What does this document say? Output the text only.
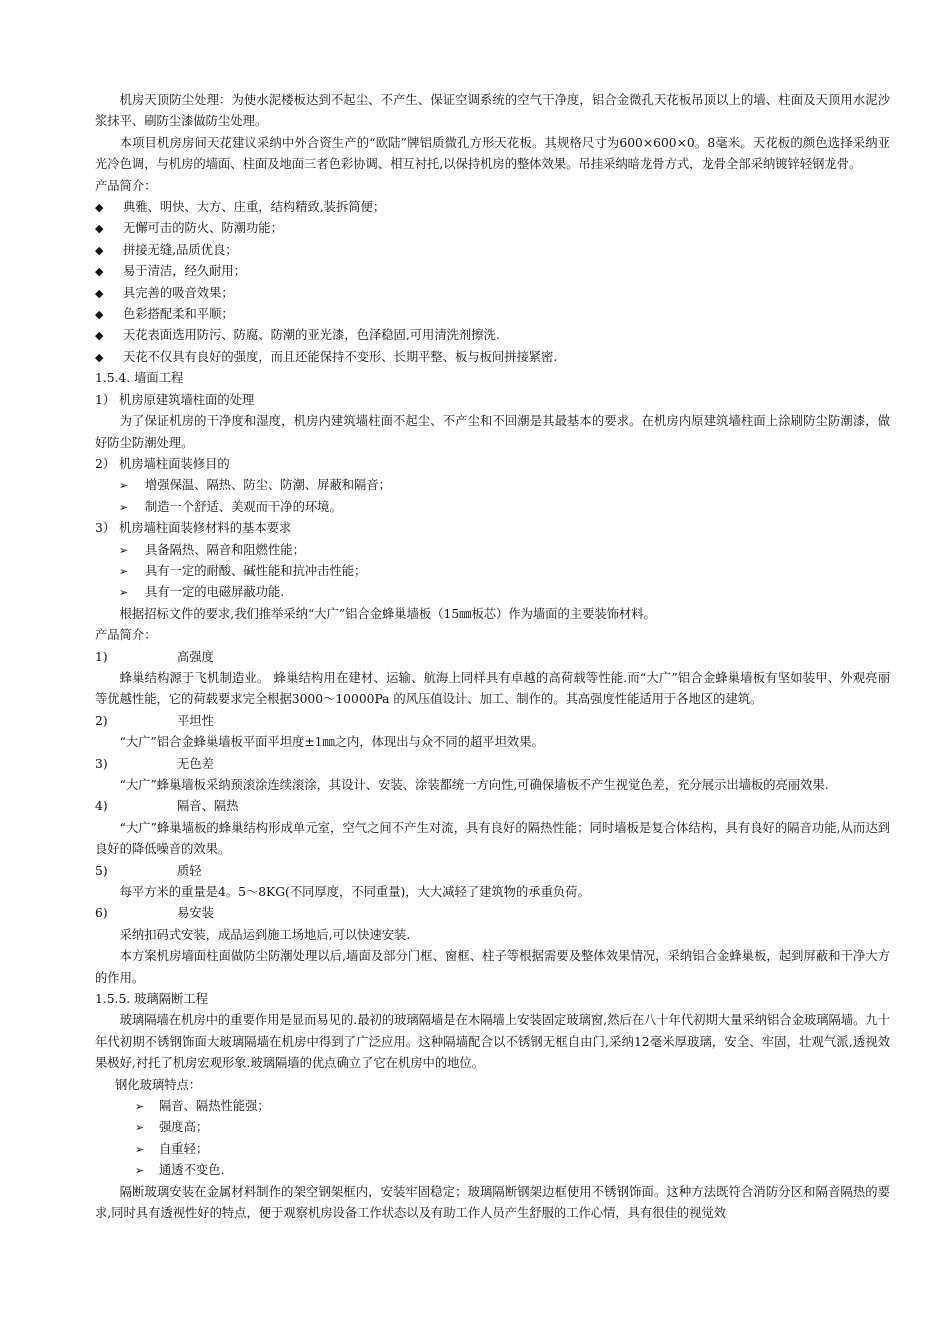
机房天顶防尘处理：为使水泥楼板达到不起尘、不产生、保证空调系统的空气干净度，铝合金微孔天花板吊顶以上的墙、柱面及天顶用水泥沙浆抹平、刷防尘漆做防尘处理。

本项目机房房间天花建议采纳中外合资生产的“欧陆”牌铝质微孔方形天花板。其规格尺寸为600×600×0。8毫米。天花板的颜色选择采纳亚光冷色调，与机房的墙面、柱面及地面三者色彩协调、相互衬托,以保持机房的整体效果。吊挂采纳暗龙骨方式，龙骨全部采纳镀锌轻钢龙骨。

产品简介：

◆ 典雅、明快、大方、庄重，结构精致,装拆简便；

◆ 无懈可击的防火、防潮功能；

◆ 拼接无缝,品质优良；

◆ 易于清洁，经久耐用；

◆ 具完善的吸音效果；

◆ 色彩搭配柔和平顺；

◆ 天花表面选用防污、防腐、防潮的亚光漆，色泽稳固,可用清洗剂擦洗.

◆ 天花不仅具有良好的强度，而且还能保持不变形、长期平整、板与板间拼接紧密.

1.5.4. 墙面工程

1） 机房原建筑墙柱面的处理

为了保证机房的干净度和湿度，机房内建筑墙柱面不起尘、不产尘和不回潮是其最基本的要求。在机房内原建筑墙柱面上涂刷防尘防潮漆，做好防尘防潮处理。

2） 机房墙柱面装修目的

➢ 增强保温、隔热、防尘、防潮、屏蔽和隔音；

➢ 制造一个舒适、美观而干净的环境。

3） 机房墙柱面装修材料的基本要求

➢ 具备隔热、隔音和阻燃性能；

➢ 具有一定的耐酸、碱性能和抗冲击性能；

➢ 具有一定的电磁屏蔽功能.

根据招标文件的要求,我们推举采纳“大广”铝合金蜂巢墙板（15㎜板芯）作为墙面的主要装饰材料。

产品简介：

1)	高强度

蜂巢结构源于飞机制造业。 蜂巢结构用在建材、运输、航海上同样具有卓越的高荷载等性能.而“大广”铝合金蜂巢墙板有坚如装甲、外观亮丽等优越性能，它的荷载要求完全根据3000～10000Pa 的风压值设计、加工、制作的。其高强度性能适用于各地区的建筑。

2)	平坦性

“大广”铝合金蜂巢墙板平面平坦度±1㎜之内，体现出与众不同的超平坦效果。

3)	无色差

“大广”蜂巢墙板采纳预滚涂连续滚涂，其设计、安装、涂装都统一方向性,可确保墙板不产生视觉色差，充分展示出墙板的亮丽效果.

4)	隔音、隔热

“大广”蜂巢墙板的蜂巢结构形成单元室，空气之间不产生对流，具有良好的隔热性能；同时墙板是复合体结构，具有良好的隔音功能,从而达到良好的降低噪音的效果。

5)	质轻

每平方米的重量是4。5～8KG(不同厚度，不同重量)，大大减轻了建筑物的承重负荷。

6)	易安装

采纳扣码式安装，成品运到施工场地后,可以快速安装.

本方案机房墙面柱面做防尘防潮处理以后,墙面及部分门框、窗框、柱子等根据需要及整体效果情况，采纳铝合金蜂巢板，起到屏蔽和干净大方的作用。

1.5.5. 玻璃隔断工程

玻璃隔墙在机房中的重要作用是显而易见的.最初的玻璃隔墙是在木隔墙上安装固定玻璃窗,然后在八十年代初期大量采纳铝合金玻璃隔墙。九十年代初期不锈钢饰面大玻璃隔墙在机房中得到了广泛应用。这种隔墙配合以不锈钢无框自由门,采纳12毫米厚玻璃，安全、牢固，壮观气派,透视效果极好,衬托了机房宏观形象.玻璃隔墙的优点确立了它在机房中的地位。

钢化玻璃特点：

➢ 隔音、隔热性能强；

➢ 强度高；

➢ 自重轻；

➢ 通透不变色.

隔断玻璃安装在金属材料制作的架空钢架框内，安装牢固稳定；玻璃隔断钢架边框使用不锈钢饰面。这种方法既符合消防分区和隔音隔热的要求,同时具有透视性好的特点，便于观察机房设备工作状态以及有助工作人员产生舒服的工作心情，具有很佳的视觉效
